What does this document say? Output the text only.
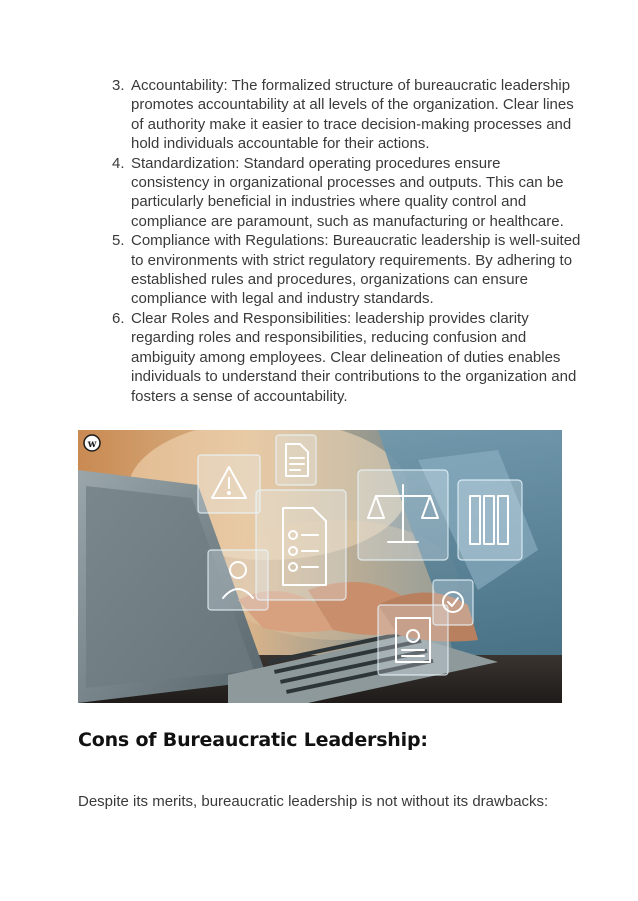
3. Accountability: The formalized structure of bureaucratic leadership promotes accountability at all levels of the organization. Clear lines of authority make it easier to trace decision-making processes and hold individuals accountable for their actions.
4. Standardization: Standard operating procedures ensure consistency in organizational processes and outputs. This can be particularly beneficial in industries where quality control and compliance are paramount, such as manufacturing or healthcare.
5. Compliance with Regulations: Bureaucratic leadership is well-suited to environments with strict regulatory requirements. By adhering to established rules and procedures, organizations can ensure compliance with legal and industry standards.
6. Clear Roles and Responsibilities: leadership provides clarity regarding roles and responsibilities, reducing confusion and ambiguity among employees. Clear delineation of duties enables individuals to understand their contributions to the organization and fosters a sense of accountability.
w
Cons of Bureaucratic Leadership:

Despite its merits, bureaucratic leadership is not without its drawbacks:
